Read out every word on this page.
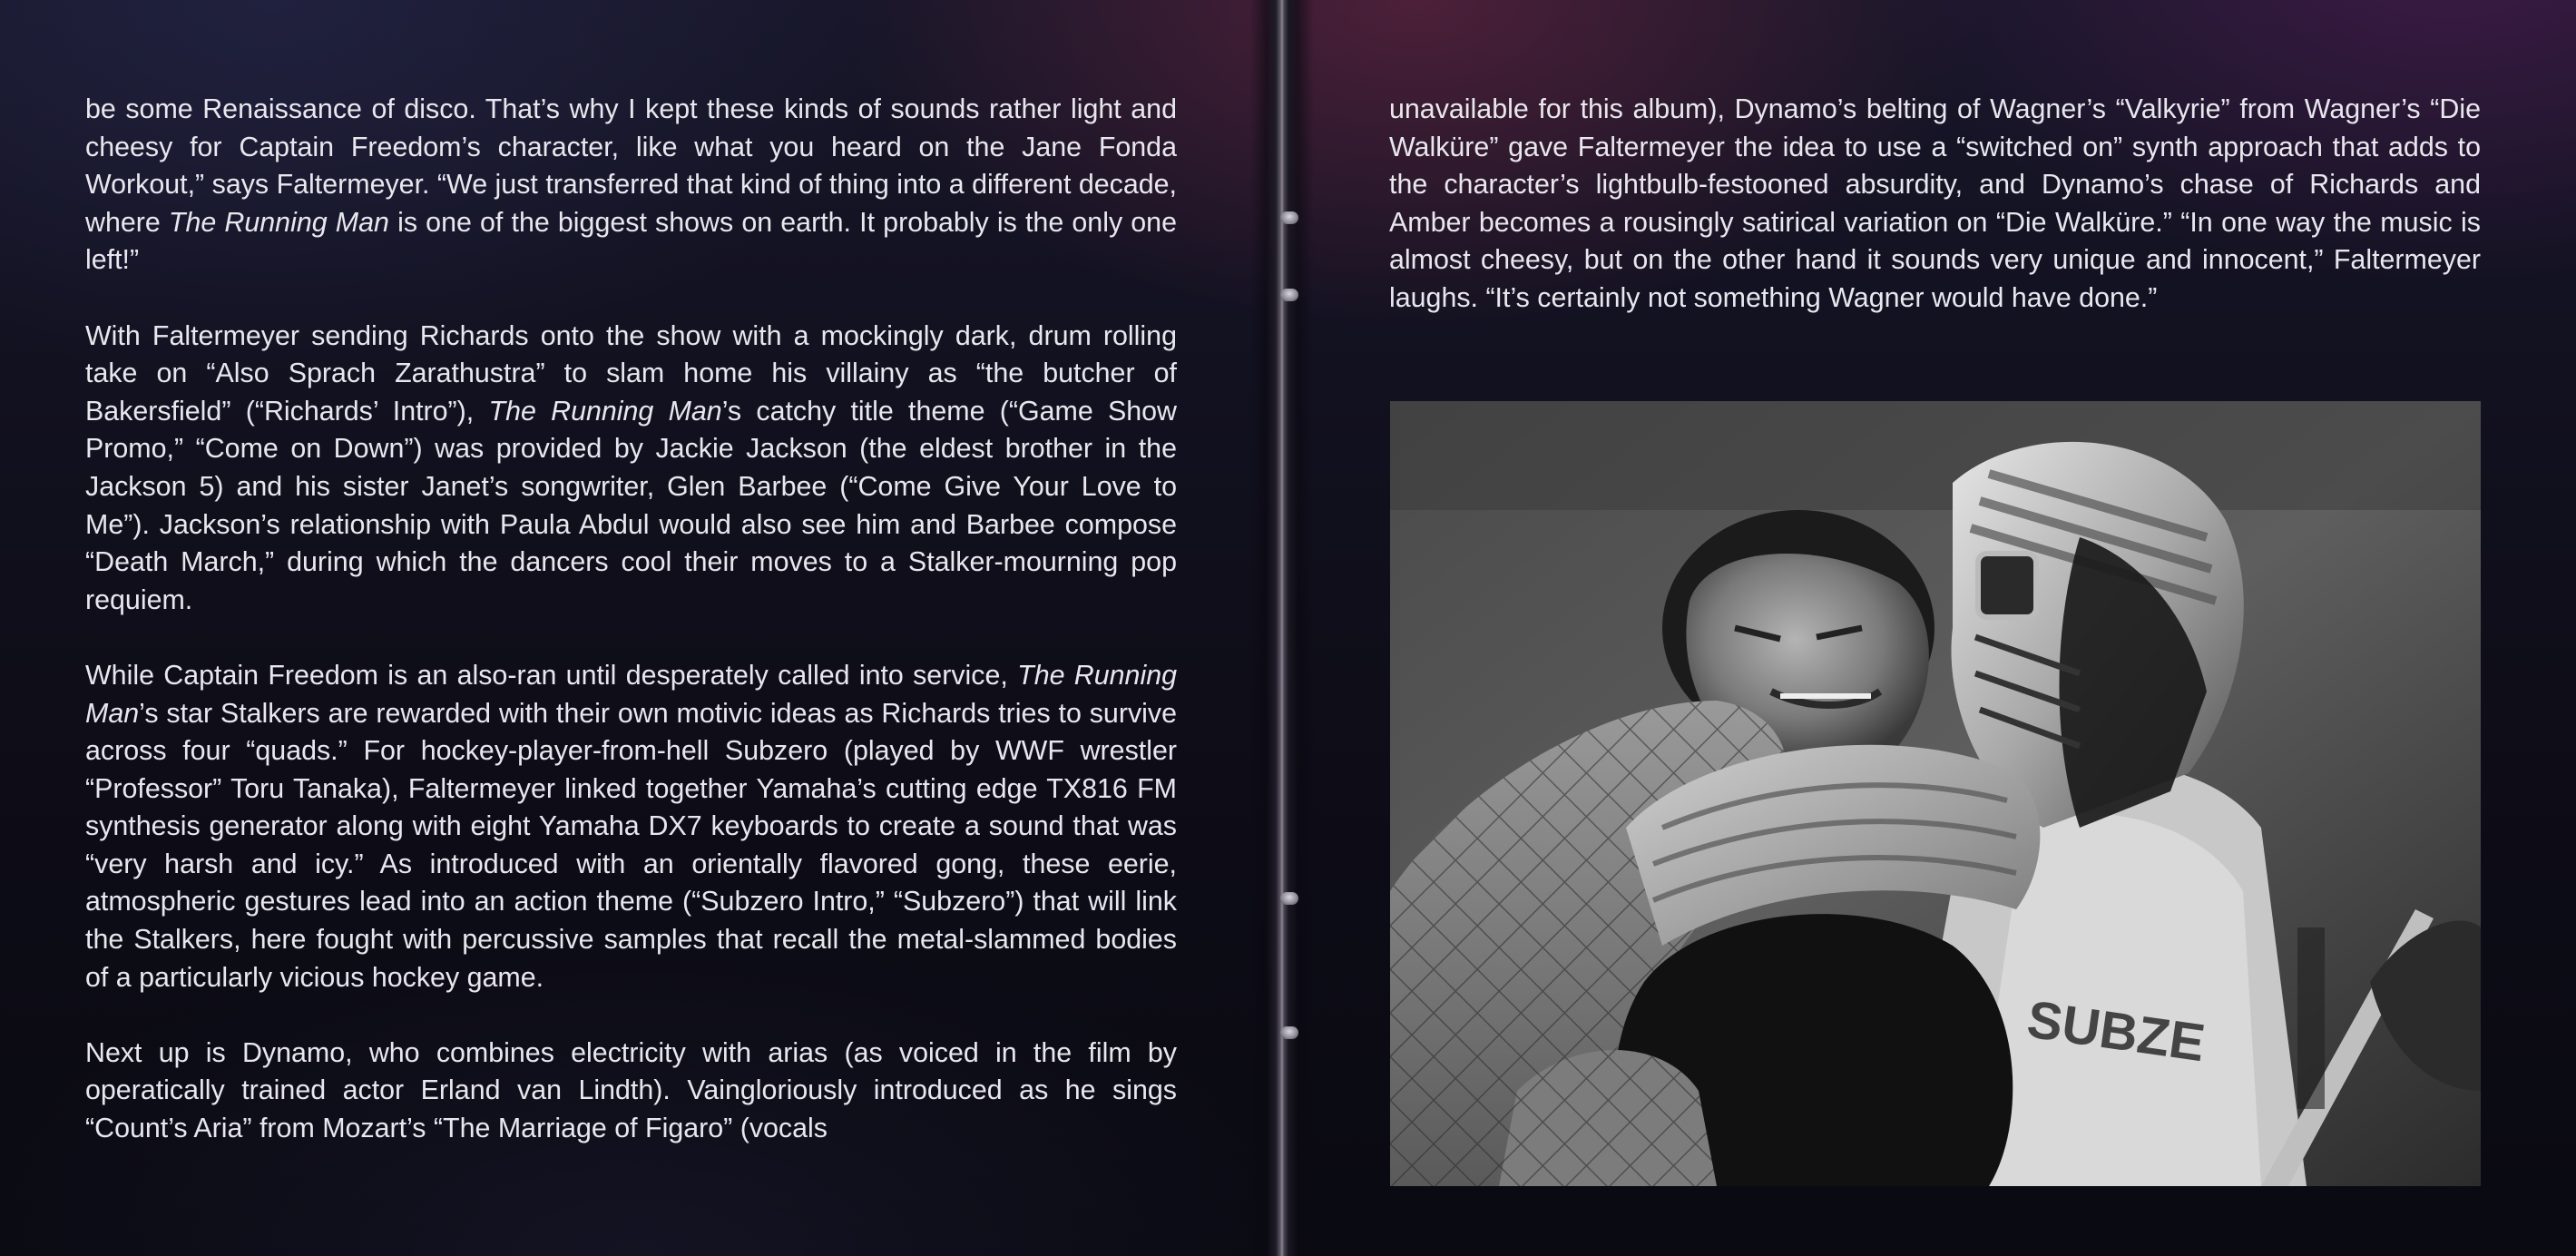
be some Renaissance of disco. That’s why I kept these kinds of sounds rather light and cheesy for Captain Freedom’s character, like what you heard on the Jane Fonda Workout,” says Faltermeyer. “We just transferred that kind of thing into a different decade, where The Running Man is one of the biggest shows on earth. It probably is the only one left!”

With Faltermeyer sending Richards onto the show with a mockingly dark, drum rolling take on “Also Sprach Zarathustra” to slam home his villainy as “the butcher of Bakersfield” (“Richards’ Intro”), The Running Man’s catchy title theme (“Game Show Promo,” “Come on Down”) was provided by Jackie Jackson (the eldest brother in the Jackson 5) and his sister Janet’s songwriter, Glen Barbee (“Come Give Your Love to Me”). Jackson’s relationship with Paula Abdul would also see him and Barbee compose “Death March,” during which the dancers cool their moves to a Stalker-mourning pop requiem.

While Captain Freedom is an also-ran until desperately called into service, The Running Man’s star Stalkers are rewarded with their own motivic ideas as Richards tries to survive across four “quads.” For hockey-player-from-hell Subzero (played by WWF wrestler “Professor” Toru Tanaka), Faltermeyer linked together Yamaha’s cutting edge TX816 FM synthesis generator along with eight Yamaha DX7 keyboards to create a sound that was “very harsh and icy.” As introduced with an orientally flavored gong, these eerie, atmospheric gestures lead into an action theme (“Subzero Intro,” “Subzero”) that will link the Stalkers, here fought with percussive samples that recall the metal-slammed bodies of a particularly vicious hockey game.

Next up is Dynamo, who combines electricity with arias (as voiced in the film by operatically trained actor Erland van Lindth). Vaingloriously introduced as he sings “Count’s Aria” from Mozart’s “The Marriage of Figaro” (vocals

unavailable for this album), Dynamo’s belting of Wagner’s “Valkyrie” from Wagner’s “Die Walküre” gave Faltermeyer the idea to use a “switched on” synth approach that adds to the character’s lightbulb-festooned absurdity, and Dynamo’s chase of Richards and Amber becomes a rousingly satirical variation on “Die Walküre.” “In one way the music is almost cheesy, but on the other hand it sounds very unique and innocent,” Faltermeyer laughs. “It’s certainly not something Wagner would have done.”

SUBZE
